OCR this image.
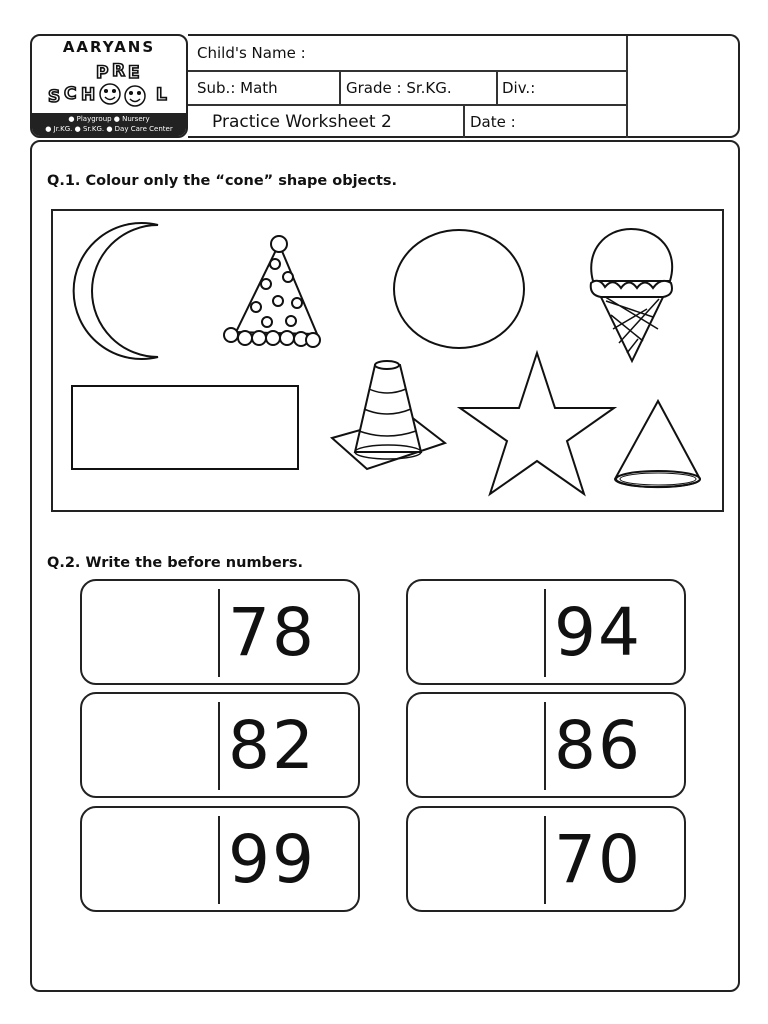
AARYANS
S C H
P R E
L
● Playgroup ● Nursery
● Jr.KG. ● Sr.KG. ● Day Care Center
Child's Name :
Sub.: Math	Grade : Sr.KG.	Div.:
Practice Worksheet 2	Date :
Q.1. Colour only the “cone” shape objects.
Q.2. Write the before numbers.
78	94
82	86
99	70
